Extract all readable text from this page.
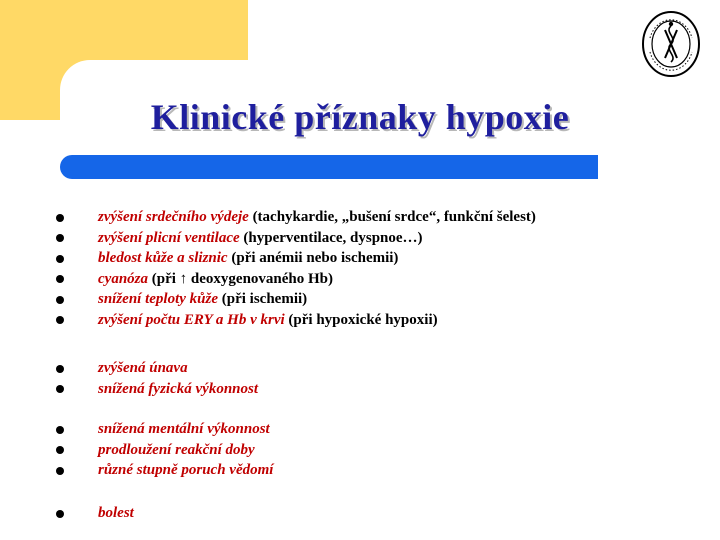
Klinické příznaky hypoxie
zvýšení srdečního výdeje (tachykardie, „bušení srdce“, funkční šelest)
zvýšení plicní ventilace (hyperventilace, dyspnoe…)
bledost kůže a sliznic (při anémii nebo ischemii)
cyanóza (při ↑ deoxygenovaného Hb)
snížení teploty kůže (při ischemii)
zvýšení počtu ERY a Hb v krvi (při hypoxické hypoxii)
zvýšená únava
snížená fyzická výkonnost
snížená mentální výkonnost
prodloužení reakční doby
různé stupně poruch vědomí
bolest
